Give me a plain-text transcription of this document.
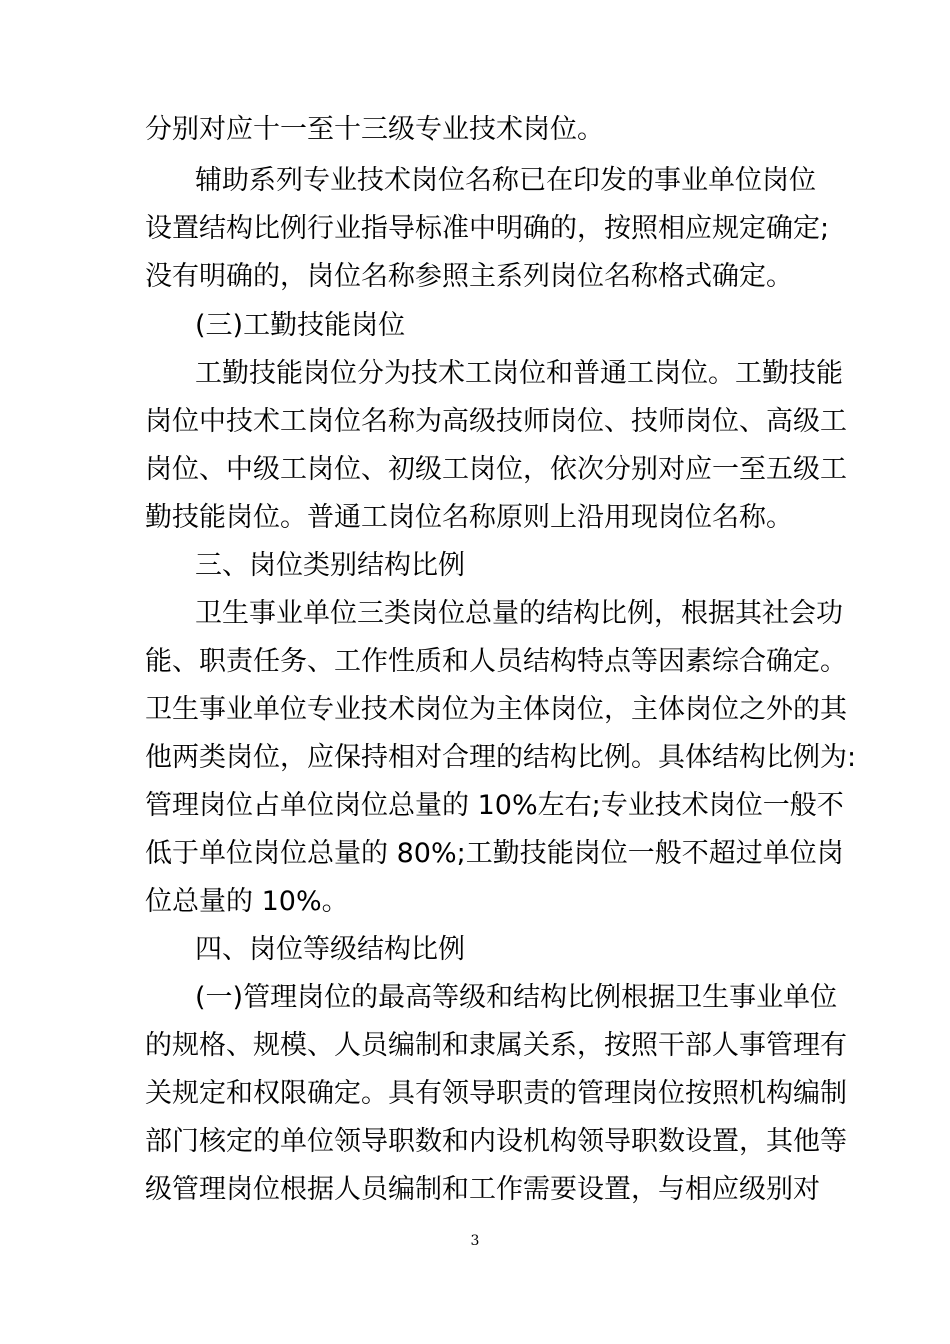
分别对应十一至十三级专业技术岗位。
辅助系列专业技术岗位名称已在印发的事业单位岗位
设置结构比例行业指导标准中明确的，按照相应规定确定;
没有明确的，岗位名称参照主系列岗位名称格式确定。
(三)工勤技能岗位
工勤技能岗位分为技术工岗位和普通工岗位。工勤技能
岗位中技术工岗位名称为高级技师岗位、技师岗位、高级工
岗位、中级工岗位、初级工岗位，依次分别对应一至五级工
勤技能岗位。普通工岗位名称原则上沿用现岗位名称。
三、岗位类别结构比例
卫生事业单位三类岗位总量的结构比例，根据其社会功
能、职责任务、工作性质和人员结构特点等因素综合确定。
卫生事业单位专业技术岗位为主体岗位，主体岗位之外的其
他两类岗位，应保持相对合理的结构比例。具体结构比例为:
管理岗位占单位岗位总量的 10%左右;专业技术岗位一般不
低于单位岗位总量的 80%;工勤技能岗位一般不超过单位岗
位总量的 10%。
四、岗位等级结构比例
(一)管理岗位的最高等级和结构比例根据卫生事业单位
的规格、规模、人员编制和隶属关系，按照干部人事管理有
关规定和权限确定。具有领导职责的管理岗位按照机构编制
部门核定的单位领导职数和内设机构领导职数设置，其他等
级管理岗位根据人员编制和工作需要设置，与相应级别对
3
